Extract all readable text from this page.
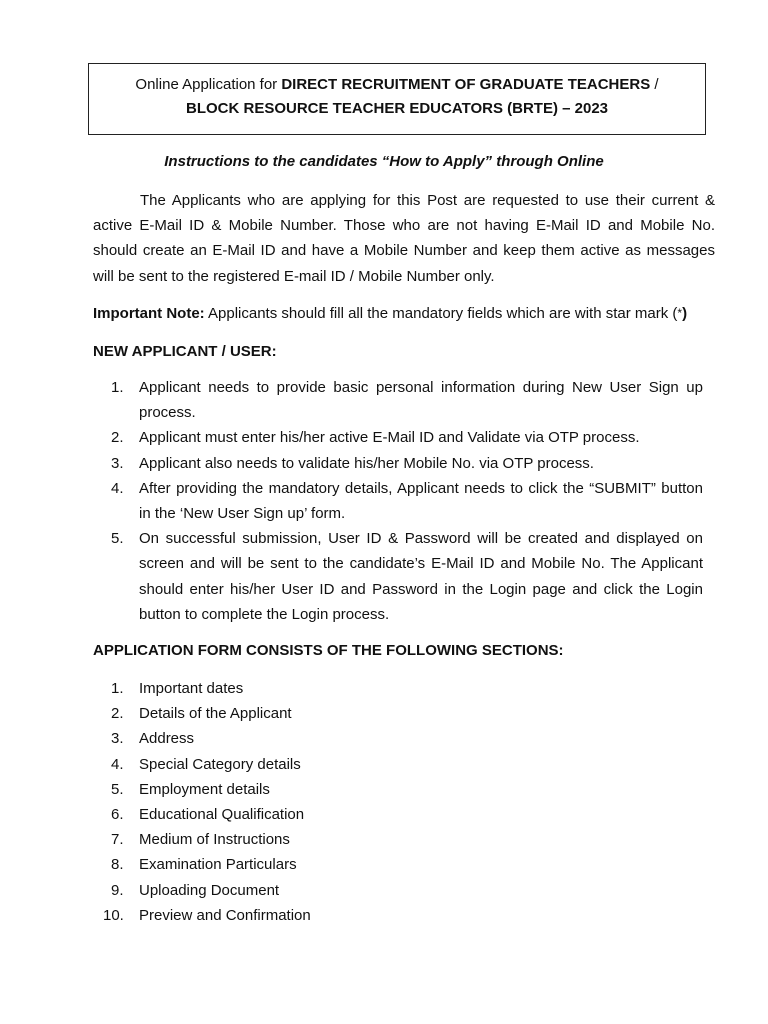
Online Application for DIRECT RECRUITMENT OF GRADUATE TEACHERS /
BLOCK RESOURCE TEACHER EDUCATORS (BRTE) – 2023
Instructions to the candidates “How to Apply” through Online
The Applicants who are applying for this Post are requested to use their current & active E-Mail ID & Mobile Number. Those who are not having E-Mail ID and Mobile No. should create an E-Mail ID and have a Mobile Number and keep them active as messages will be sent to the registered E-mail ID / Mobile Number only.
Important Note: Applicants should fill all the mandatory fields which are with star mark (*)
NEW APPLICANT / USER:
1. Applicant needs to provide basic personal information during New User Sign up process.
2. Applicant must enter his/her active E-Mail ID and Validate via OTP process.
3. Applicant also needs to validate his/her Mobile No. via OTP process.
4. After providing the mandatory details, Applicant needs to click the “SUBMIT” button in the ‘New User Sign up’ form.
5. On successful submission, User ID & Password will be created and displayed on screen and will be sent to the candidate’s E-Mail ID and Mobile No. The Applicant should enter his/her User ID and Password in the Login page and click the Login button to complete the Login process.
APPLICATION FORM CONSISTS OF THE FOLLOWING SECTIONS:
1. Important dates
2. Details of the Applicant
3. Address
4. Special Category details
5. Employment details
6. Educational Qualification
7. Medium of Instructions
8. Examination Particulars
9. Uploading Document
10. Preview and Confirmation
